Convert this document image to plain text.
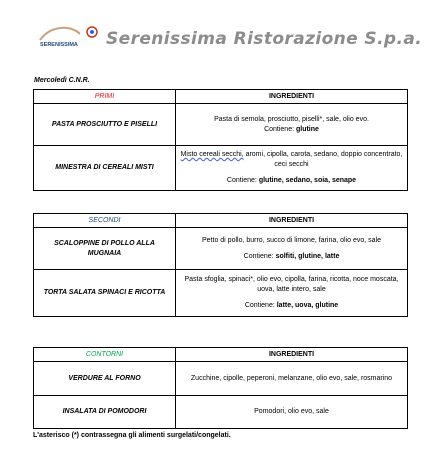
SERENISSIMA Serenissima Ristorazione S.p.a.
Mercoledì C.N.R.
PRIMI	INGREDIENTI
PASTA PROSCIUTTO E PISELLI	Pasta di semola, prosciutto, piselli*, sale, olio evo.
Contiene: glutine
MINESTRA DI CEREALI MISTI	Misto cereali secchi, aromi, cipolla, carota, sedano, doppio concentrato, ceci secchi
Contiene: glutine, sedano, soia, senape
SECONDI	INGREDIENTI
SCALOPPINE DI POLLO ALLA MUGNAIA	Petto di pollo, burro, succo di limone, farina, olio evo, sale
Contiene: solfiti, glutine, latte

TORTA SALATA SPINACI E RICOTTA	Pasta sfoglia, spinaci*, olio evo, cipolla, farina, ricotta, noce moscata, uova, latte intero, sale
Contiene: latte, uova, glutine
CONTORNI	INGREDIENTI
VERDURE AL FORNO	Zucchine, cipolle, peperoni, melanzane, olio evo, sale, rosmarino
INSALATA DI POMODORI	Pomodori, olio evo, sale
L'asterisco (*) contrassegna gli alimenti surgelati/congelati.
